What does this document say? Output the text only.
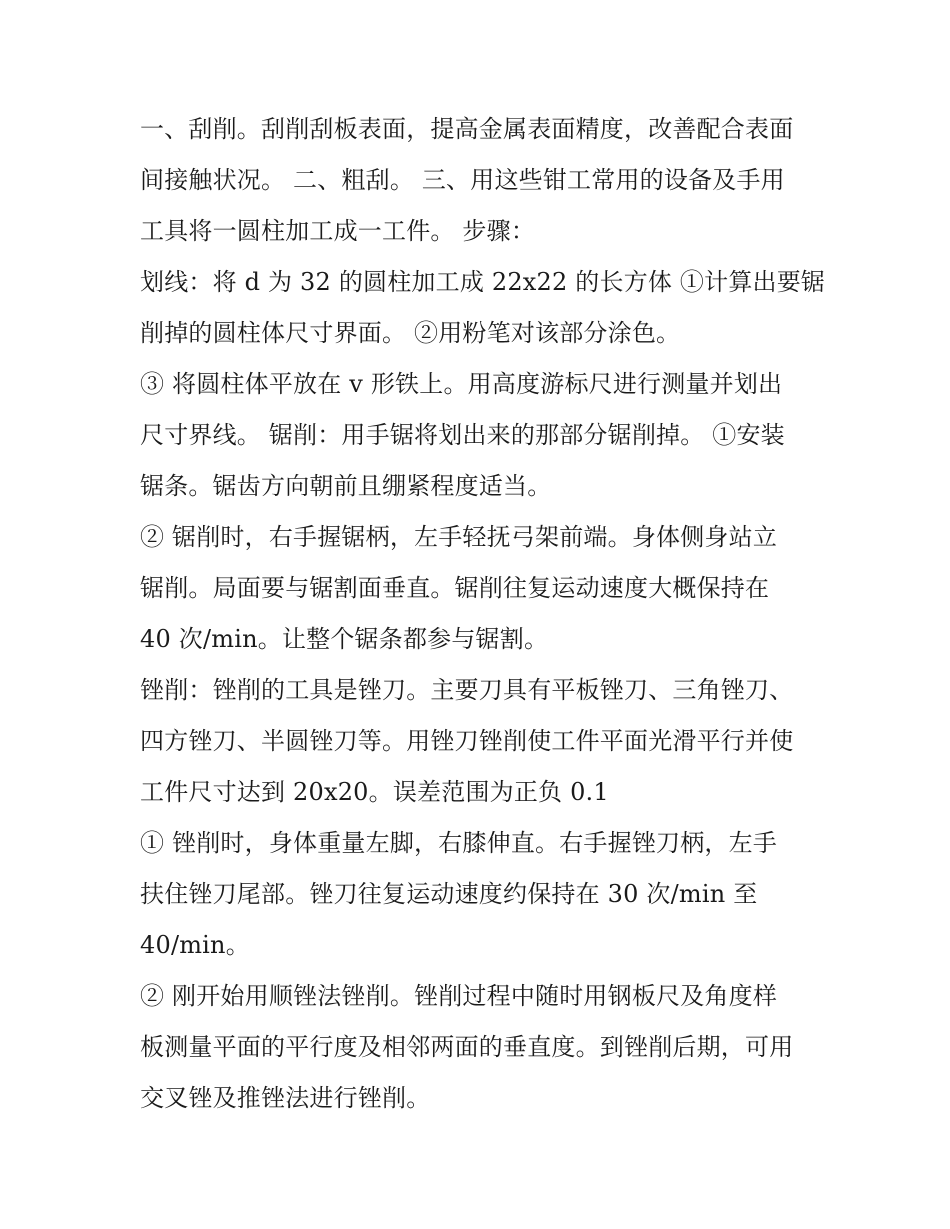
一、刮削。刮削刮板表面，提高金属表面精度，改善配合表面
间接触状况。 二、粗刮。 三、用这些钳工常用的设备及手用
工具将一圆柱加工成一工件。 步骤：
划线：将 d 为 32 的圆柱加工成 22x22 的长方体 ①计算出要锯
削掉的圆柱体尺寸界面。 ②用粉笔对该部分涂色。
③ 将圆柱体平放在 v 形铁上。用高度游标尺进行测量并划出
尺寸界线。 锯削：用手锯将划出来的那部分锯削掉。 ①安装
锯条。锯齿方向朝前且绷紧程度适当。
② 锯削时，右手握锯柄，左手轻抚弓架前端。身体侧身站立
锯削。局面要与锯割面垂直。锯削往复运动速度大概保持在
40 次/min。让整个锯条都参与锯割。
锉削：锉削的工具是锉刀。主要刀具有平板锉刀、三角锉刀、
四方锉刀、半圆锉刀等。用锉刀锉削使工件平面光滑平行并使
工件尺寸达到 20x20。误差范围为正负 0.1
① 锉削时，身体重量左脚，右膝伸直。右手握锉刀柄，左手
扶住锉刀尾部。锉刀往复运动速度约保持在 30 次/min 至
40/min。
② 刚开始用顺锉法锉削。锉削过程中随时用钢板尺及角度样
板测量平面的平行度及相邻两面的垂直度。到锉削后期，可用
交叉锉及推锉法进行锉削。
